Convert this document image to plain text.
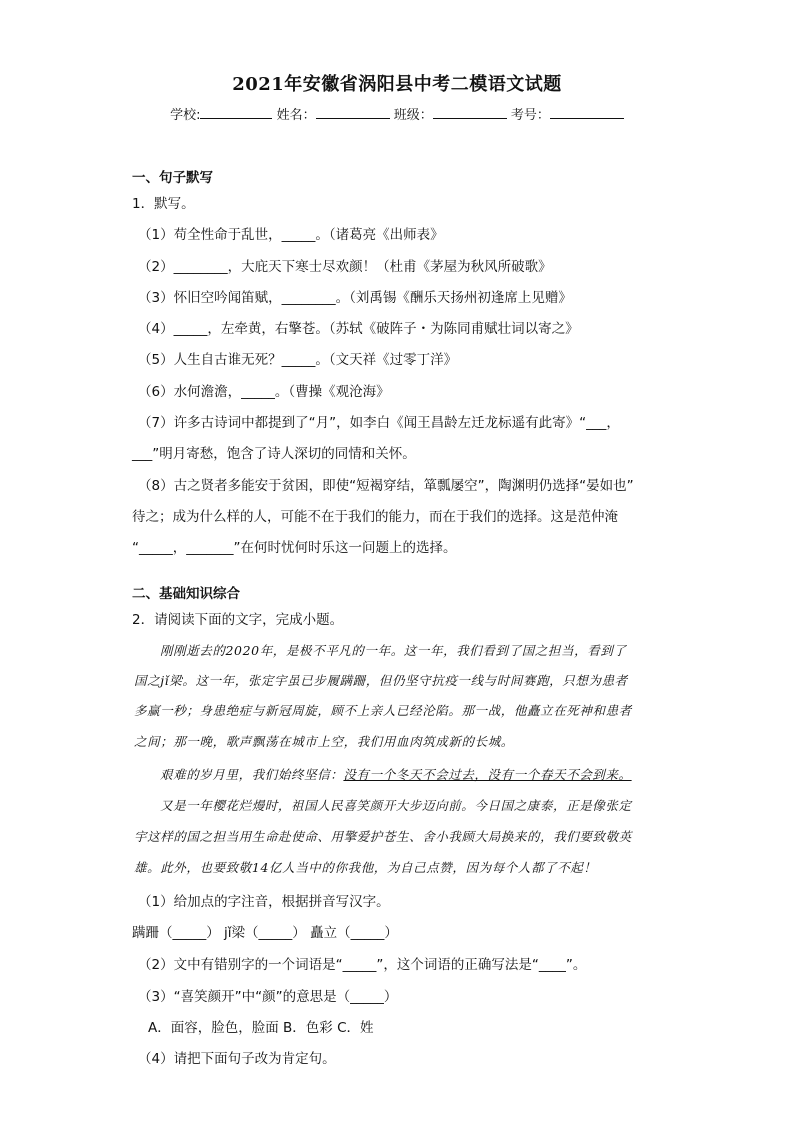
2021年安徽省涡阳县中考二模语文试题
学校:	姓名：	班级：	考号：
一、句子默写
1．默写。
（1）苟全性命于乱世，_____。（诸葛亮《出师表》
（2）________，大庇天下寒士尽欢颜！（杜甫《茅屋为秋风所破歌》
（3）怀旧空吟闻笛赋，________。（刘禹锡《酬乐天扬州初逢席上见赠》
（4）_____，左牵黄，右擎苍。（苏轼《破阵子・为陈同甫赋壮词以寄之》
（5）人生自古谁无死？_____。（文天祥《过零丁洋》
（6）水何澹澹，_____。（曹操《观沧海》
（7）许多古诗词中都提到了“月”，如李白《闻王昌龄左迁龙标遥有此寄》“___，
___”明月寄愁，饱含了诗人深切的同情和关怀。
（8）古之贤者多能安于贫困，即使“短褐穿结，箪瓢屡空”，陶渊明仍选择“晏如也”
待之；成为什么样的人，可能不在于我们的能力，而在于我们的选择。这是范仲淹
“_____，_______”在何时忧何时乐这一问题上的选择。
二、基础知识综合
2．请阅读下面的文字，完成小题。
刚刚逝去的2020年，是极不平凡的一年。这一年，我们看到了国之担当，看到了
国之jǐ梁。这一年，张定宇虽已步履蹒跚，但仍坚守抗疫一线与时间赛跑，只想为患者
多赢一秒；身患绝症与新冠周旋，顾不上亲人已经沦陷。那一战，他矗立在死神和患者
之间；那一晚，歌声飘荡在城市上空，我们用血肉筑成新的长城。
艰难的岁月里，我们始终坚信：没有一个冬天不会过去，没有一个春天不会到来。
又是一年樱花烂熳时，祖国人民喜笑颜开大步迈向前。今日国之康泰，正是像张定
宇这样的国之担当用生命赴使命、用擎爱护苍生、舍小我顾大局换来的，我们要致敬英
雄。此外，也要致敬14亿人当中的你我他，为自己点赞，因为每个人都了不起！
（1）给加点的字注音，根据拼音写汉字。
蹒跚（_____） jǐ梁（_____） 矗立（_____）
（2）文中有错别字的一个词语是“_____”，这个词语的正确写法是“____”。
（3）“喜笑颜开”中“颜”的意思是（_____）
A．面容，脸色，脸面 B．色彩 C．姓
（4）请把下面句子改为肯定句。
